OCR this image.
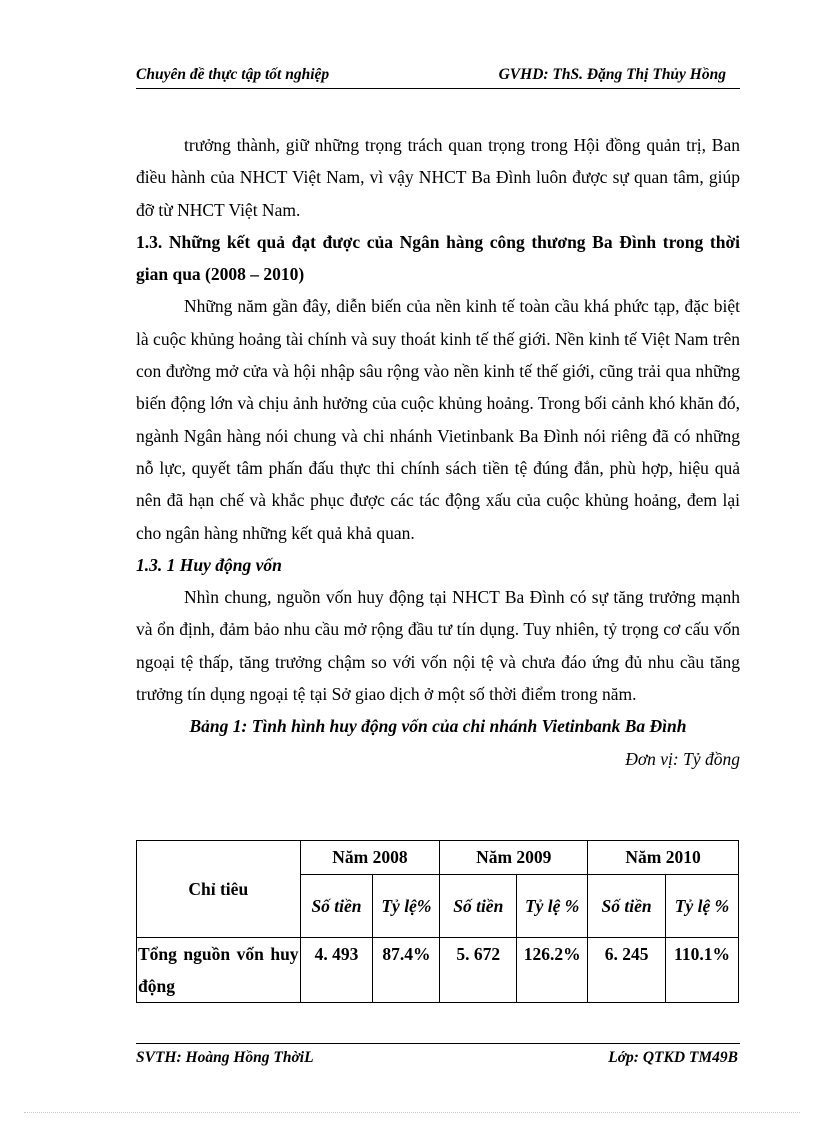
Chuyên đề thực tập tốt nghiệp	GVHD: ThS. Đặng Thị Thủy Hồng

trưởng thành, giữ những trọng trách quan trọng trong Hội đồng quản trị, Ban điều hành của NHCT Việt Nam, vì vậy NHCT Ba Đình luôn được sự quan tâm, giúp đỡ từ NHCT Việt Nam.

1.3. Những kết quả đạt được của Ngân hàng công thương Ba Đình trong thời gian qua (2008 – 2010)

Những năm gần đây, diễn biến của nền kinh tế toàn cầu khá phức tạp, đặc biệt là cuộc khủng hoảng tài chính và suy thoát kinh tế thế giới. Nền kinh tế Việt Nam trên con đường mở cửa và hội nhập sâu rộng vào nền kinh tế thế giới, cũng trải qua những biến động lớn và chịu ảnh hưởng của cuộc khủng hoảng. Trong bối cảnh khó khăn đó, ngành Ngân hàng nói chung và chi nhánh Vietinbank Ba Đình nói riêng đã có những nỗ lực, quyết tâm phấn đấu thực thi chính sách tiền tệ đúng đắn, phù hợp, hiệu quả nên đã hạn chế và khắc phục được các tác động xấu của cuộc khủng hoảng, đem lại cho ngân hàng những kết quả khả quan.

1.3. 1 Huy động vốn

Nhìn chung, nguồn vốn huy động tại NHCT Ba Đình có sự tăng trưởng mạnh và ổn định, đảm bảo nhu cầu mở rộng đầu tư tín dụng. Tuy nhiên, tỷ trọng cơ cấu vốn ngoại tệ thấp, tăng trưởng chậm so với vốn nội tệ và chưa đáo ứng đủ nhu cầu tăng trưởng tín dụng ngoại tệ tại Sở giao dịch ở một số thời điểm trong năm.

Bảng 1: Tình hình huy động vốn của chi nhánh Vietinbank Ba Đình

Đơn vị: Tỷ đồng

Chỉ tiêu	Năm 2008		Năm 2009		Năm 2010	
	Số tiền	Tỷ lệ%	Số tiền	Tỷ lệ %	Số tiền	Tỷ lệ %
Tổng nguồn vốn huy động	4. 493	87.4%	5. 672	126.2%	6. 245	110.1%
SVTH: Hoàng Hồng ThờiL	Lớp: QTKD TM49B
